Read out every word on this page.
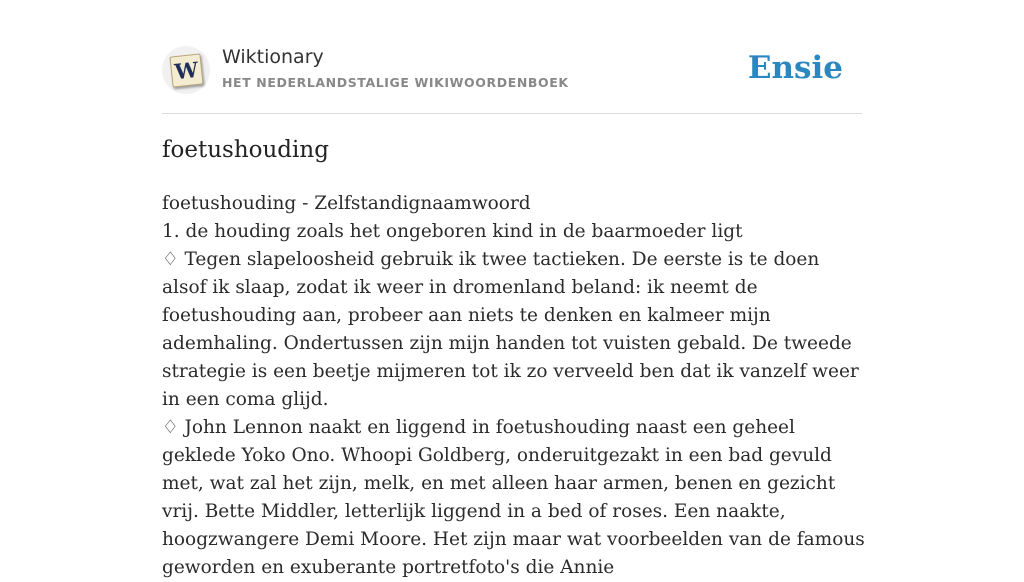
W Wiktionary
HET NEDERLANDSTALIGE WIKIWOORDENBOEK	Ensie
foetushouding

foetushouding - Zelfstandignaamwoord

1. de houding zoals het ongeboren kind in de baarmoeder ligt

♢ Tegen slapeloosheid gebruik ik twee tactieken. De eerste is te doen alsof ik slaap, zodat ik weer in dromenland beland: ik neemt de foetushouding aan, probeer aan niets te denken en kalmeer mijn ademhaling. Ondertussen zijn mijn handen tot vuisten gebald. De tweede strategie is een beetje mijmeren tot ik zo verveeld ben dat ik vanzelf weer in een coma glijd.

♢ John Lennon naakt en liggend in foetushouding naast een geheel geklede Yoko Ono. Whoopi Goldberg, onderuitgezakt in een bad gevuld met, wat zal het zijn, melk, en met alleen haar armen, benen en gezicht vrij. Bette Middler, letterlijk liggend in a bed of roses. Een naakte, hoogzwangere Demi Moore. Het zijn maar wat voorbeelden van de famous geworden en exuberante portretfoto's die Annie
